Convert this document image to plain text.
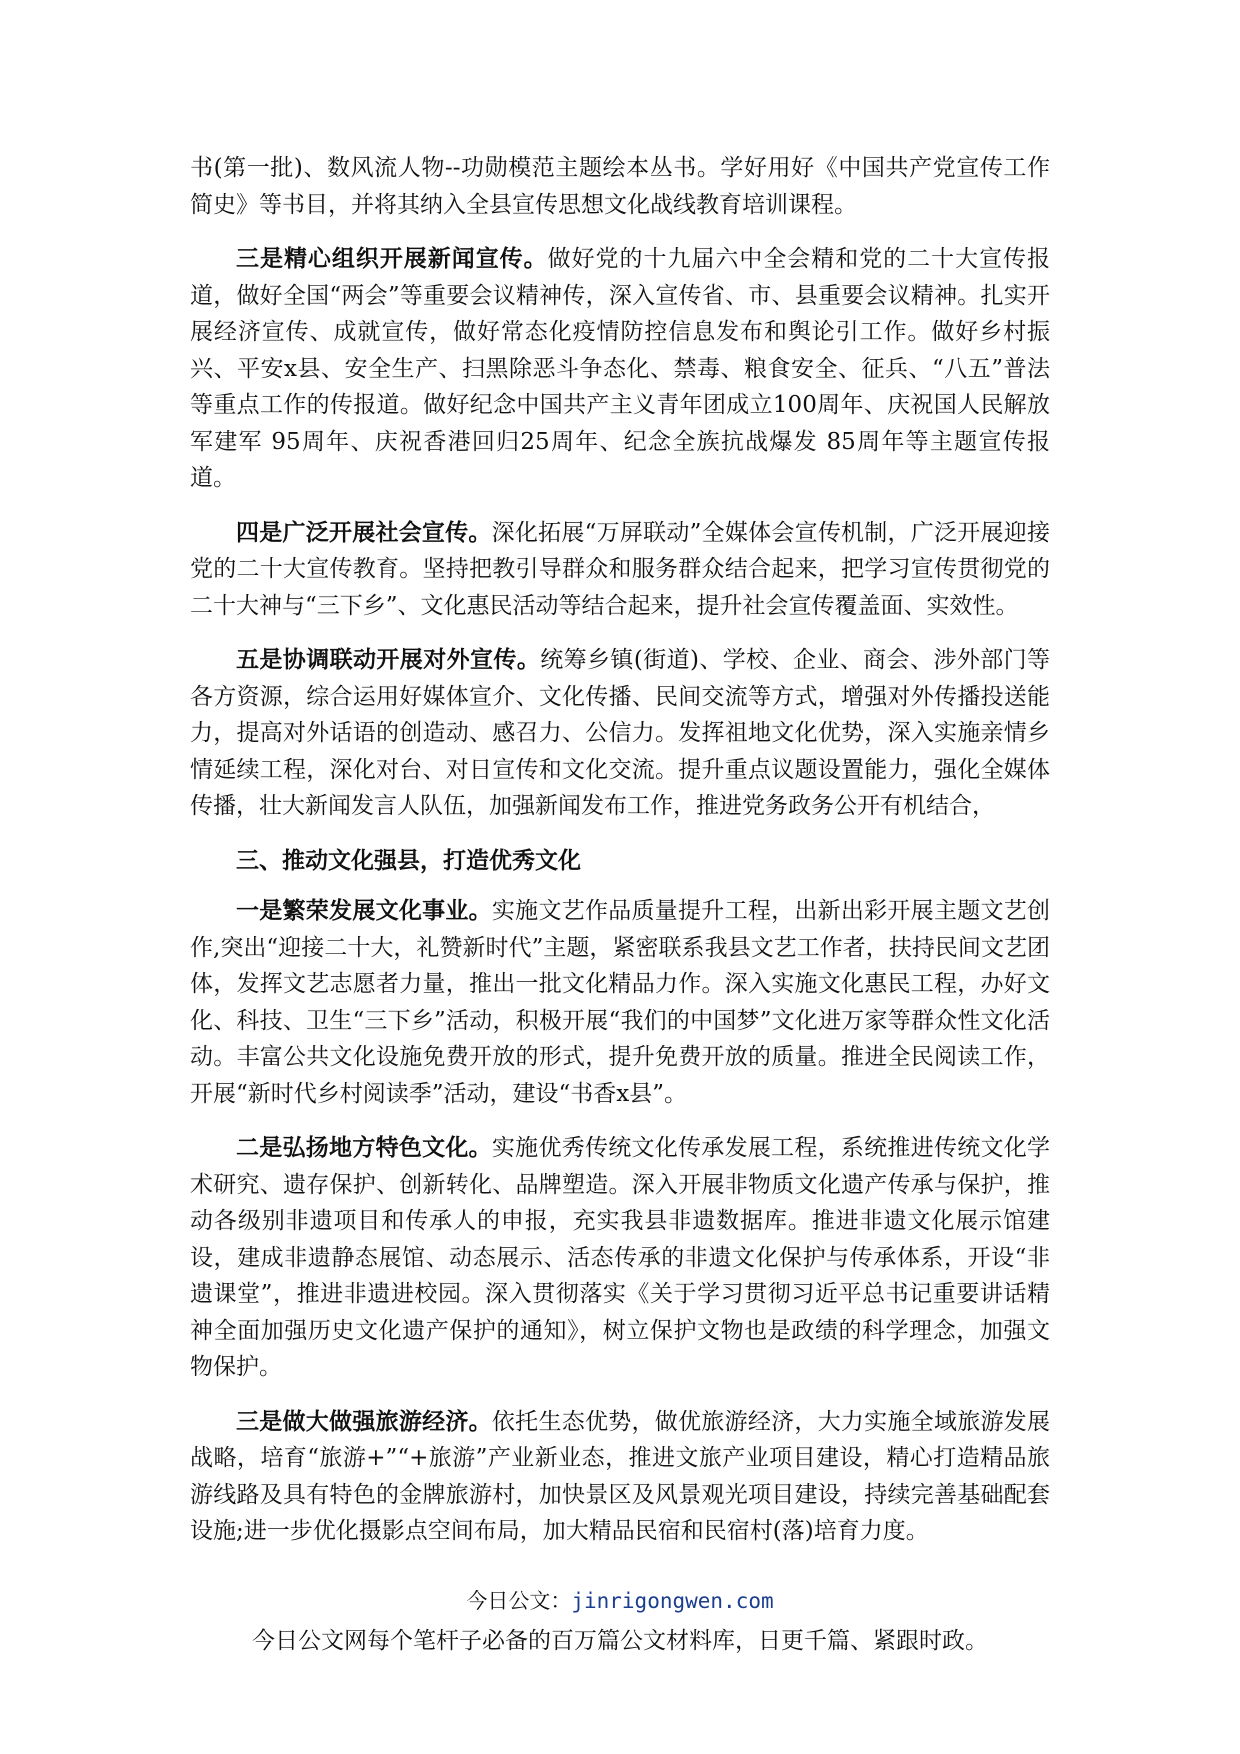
书(第一批)、数风流人物--功勋模范主题绘本丛书。学好用好《中国共产党宣传工作简史》等书目，并将其纳入全县宣传思想文化战线教育培训课程。

三是精心组织开展新闻宣传。做好党的十九届六中全会精和党的二十大宣传报道，做好全国“两会”等重要会议精神传，深入宣传省、市、县重要会议精神。扎实开展经济宣传、成就宣传，做好常态化疫情防控信息发布和舆论引工作。做好乡村振兴、平安x县、安全生产、扫黑除恶斗争态化、禁毒、粮食安全、征兵、“八五”普法等重点工作的传报道。做好纪念中国共产主义青年团成立100周年、庆祝国人民解放军建军 95周年、庆祝香港回归25周年、纪念全族抗战爆发 85周年等主题宣传报道。

四是广泛开展社会宣传。深化拓展“万屏联动”全媒体会宣传机制，广泛开展迎接党的二十大宣传教育。坚持把教引导群众和服务群众结合起来，把学习宣传贯彻党的二十大神与“三下乡”、文化惠民活动等结合起来，提升社会宣传覆盖面、实效性。

五是协调联动开展对外宣传。统筹乡镇(街道)、学校、企业、商会、涉外部门等各方资源，综合运用好媒体宣介、文化传播、民间交流等方式，增强对外传播投送能力，提高对外话语的创造动、感召力、公信力。发挥祖地文化优势，深入实施亲情乡情延续工程，深化对台、对日宣传和文化交流。提升重点议题设置能力，强化全媒体传播，壮大新闻发言人队伍，加强新闻发布工作，推进党务政务公开有机结合，

三、推动文化强县，打造优秀文化

一是繁荣发展文化事业。实施文艺作品质量提升工程，出新出彩开展主题文艺创作,突出“迎接二十大，礼赞新时代”主题，紧密联系我县文艺工作者，扶持民间文艺团体，发挥文艺志愿者力量，推出一批文化精品力作。深入实施文化惠民工程，办好文化、科技、卫生“三下乡”活动，积极开展“我们的中国梦”文化进万家等群众性文化活动。丰富公共文化设施免费开放的形式，提升免费开放的质量。推进全民阅读工作，开展“新时代乡村阅读季”活动，建设“书香x县”。

二是弘扬地方特色文化。实施优秀传统文化传承发展工程，系统推进传统文化学术研究、遗存保护、创新转化、品牌塑造。深入开展非物质文化遗产传承与保护，推动各级别非遗项目和传承人的申报，充实我县非遗数据库。推进非遗文化展示馆建设，建成非遗静态展馆、动态展示、活态传承的非遗文化保护与传承体系，开设“非遗课堂”，推进非遗进校园。深入贯彻落实《关于学习贯彻习近平总书记重要讲话精神全面加强历史文化遗产保护的通知》，树立保护文物也是政绩的科学理念，加强文物保护。

三是做大做强旅游经济。依托生态优势，做优旅游经济，大力实施全域旅游发展战略，培育“旅游+”“+旅游”产业新业态，推进文旅产业项目建设，精心打造精品旅游线路及具有特色的金牌旅游村，加快景区及风景观光项目建设，持续完善基础配套设施;进一步优化摄影点空间布局，加大精品民宿和民宿村(落)培育力度。

今日公文：jinrigongwen.com
今日公文网每个笔杆子必备的百万篇公文材料库，日更千篇、紧跟时政。
